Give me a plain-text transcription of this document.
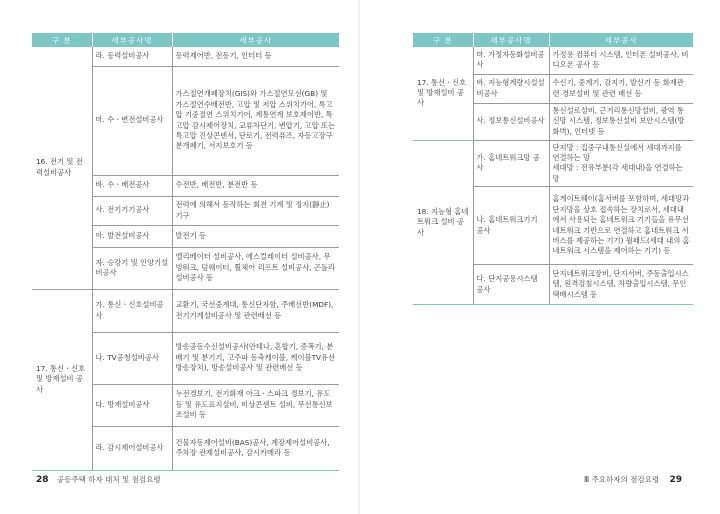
구 분	세부공사명	세부공사
16. 전기 및 전력설비공사	라. 동력설비공사	동력제어반, 전동기, 인터터 등
	마. 수ㆍ변전설비공사	가스절연개폐장치(GIS)와 가스절연모선(GB) 및 가스절연수배전반, 고압 및 저압 스위치기어, 특고압 기중절연 스위치기어, 계통연계 보호제어반, 특고압 감시제어장치, 교류차단기, 변압기, 고압 또는 특고압 진상콘덴서, 단로기, 전력퓨즈, 자동고장구분개폐기, 서지보호기 등
	바. 수ㆍ배전공사	수전반, 배전반, 분전반 등
	사. 전기기기공사	전력에 의해서 동작하는 회전 기계 및 정지(靜止)기구
	아. 발전설비공사	발전기 등
	자. 승강기 및 인양기설비공사	엘리베이터 설비공사, 에스컬레이터 설비공사, 무빙워크, 덤웨이터, 휠체어 리프트 설비공사, 곤돌라설비공사 등
17. 통신ㆍ신호 및 방재설비 공사	가. 통신ㆍ신호설비공사	교환기, 국선중계대, 통신단자함, 주배선반(MDF), 전기기계설비공사 및 관련배선 등
	나. TV공청설비공사	방송공동수신설비공사(안테나, 혼합기, 증폭기, 분배기 및 분기기, 고주파 동축케이블, 케이블TV유선방송장치), 방송설비공사 및 관련배선 등
	다. 방재설비공사	누전경보기, 전기화재 아크ㆍ스파크 경보기, 유도등 및 유도표지설비, 비상콘센트 설비, 무선통신보조설비 등
	라. 감시제어설비공사	건물자동제어설비(BAS)공사, 계장제어설비공사, 주차장 관제설비공사, 감시카메라 등
28 공동주택 하자 대처 및 점검요령
구 분	세부공사명	세부공사
17. 통신ㆍ신호 및 방재설비 공사	마. 가정자동화설비공사	가정용 컴퓨터 시스템, 인터폰 설비공사, 비디오폰 공사 등
	바. 지능형계량시설설비공사	수신기, 중계기, 감지기, 발신기 등 화재관련 경보설비 및 관련 배선 등
	사. 정보통신설비공사	통신설로설비, 근거리통신망설비, 광역 통신망 시스템, 정보통신설비 보안시스템(방화벽), 인터넷 등
18. 지능형 홈네트워크 설비 공사	가. 홈네트워크망 공사	단지망 : 집중구내통신실에서 세대까지를 연결하는 망
세대망 : 전유부분(각 세대내)을 연결하는 망
	나. 홈네트워크기기 공사	홈게이트웨이(홈서버를 포함하며, 세대망과 단지망을 상호 접속하는 장치로서, 세대내에서 사용되는 홈네트워크 기기들을 유무선 네트워크 기반으로 연결하고 홈네트워크 서비스를 제공하는 기기) 월패드(세대 내의 홈네트워크 시스템을 제어하는 기기) 등
	다. 단지공용시스템 공사	단지네트워크장비, 단지서버, 주동출입시스템, 원격검침시스템, 차량출입시스템, 무인택배시스템 등
Ⅲ 주요하자의 점검요령 29
